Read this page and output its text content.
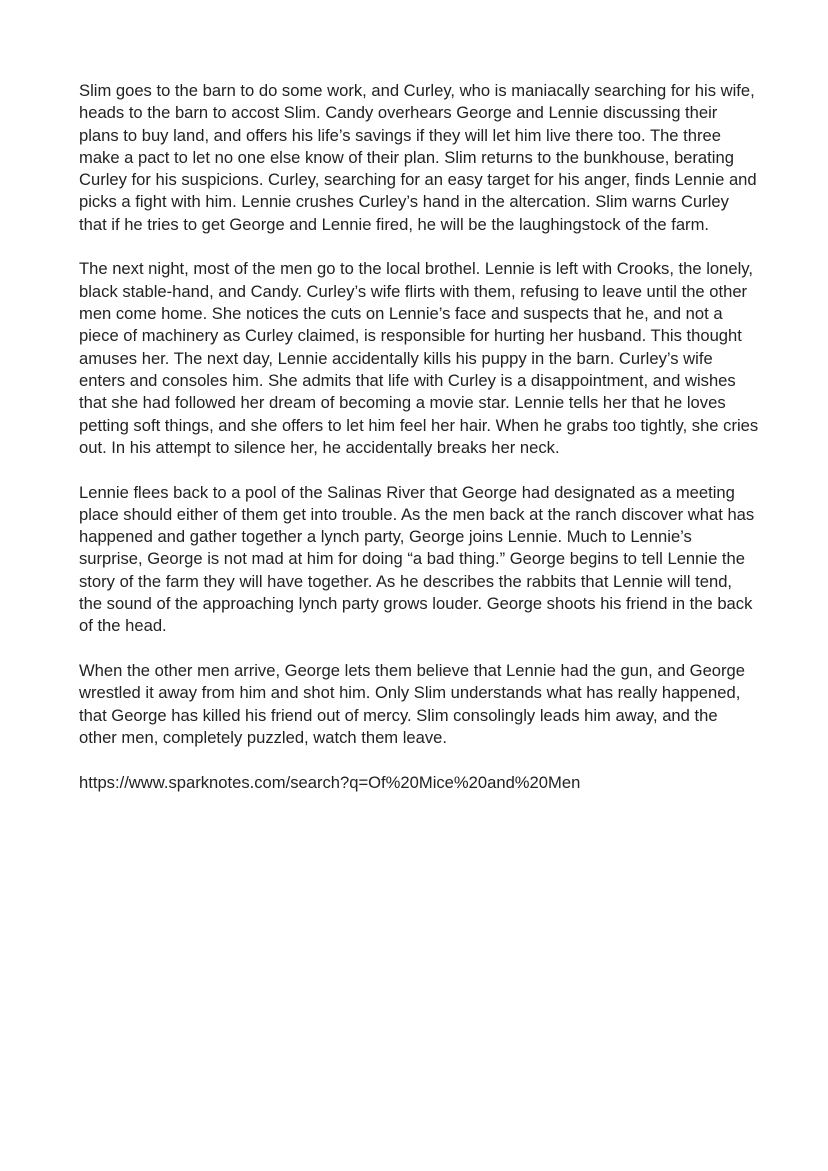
Slim goes to the barn to do some work, and Curley, who is maniacally searching for his wife, heads to the barn to accost Slim. Candy overhears George and Lennie discussing their plans to buy land, and offers his life’s savings if they will let him live there too. The three make a pact to let no one else know of their plan. Slim returns to the bunkhouse, berating Curley for his suspicions. Curley, searching for an easy target for his anger, finds Lennie and picks a fight with him. Lennie crushes Curley’s hand in the altercation. Slim warns Curley that if he tries to get George and Lennie fired, he will be the laughingstock of the farm.

The next night, most of the men go to the local brothel. Lennie is left with Crooks, the lonely, black stable-hand, and Candy. Curley’s wife flirts with them, refusing to leave until the other men come home. She notices the cuts on Lennie’s face and suspects that he, and not a piece of machinery as Curley claimed, is responsible for hurting her husband. This thought amuses her. The next day, Lennie accidentally kills his puppy in the barn. Curley’s wife enters and consoles him. She admits that life with Curley is a disappointment, and wishes that she had followed her dream of becoming a movie star. Lennie tells her that he loves petting soft things, and she offers to let him feel her hair. When he grabs too tightly, she cries out. In his attempt to silence her, he accidentally breaks her neck.

Lennie flees back to a pool of the Salinas River that George had designated as a meeting place should either of them get into trouble. As the men back at the ranch discover what has happened and gather together a lynch party, George joins Lennie. Much to Lennie’s surprise, George is not mad at him for doing “a bad thing.” George begins to tell Lennie the story of the farm they will have together. As he describes the rabbits that Lennie will tend, the sound of the approaching lynch party grows louder. George shoots his friend in the back of the head.

When the other men arrive, George lets them believe that Lennie had the gun, and George wrestled it away from him and shot him. Only Slim understands what has really happened, that George has killed his friend out of mercy. Slim consolingly leads him away, and the other men, completely puzzled, watch them leave.

https://www.sparknotes.com/search?q=Of%20Mice%20and%20Men
